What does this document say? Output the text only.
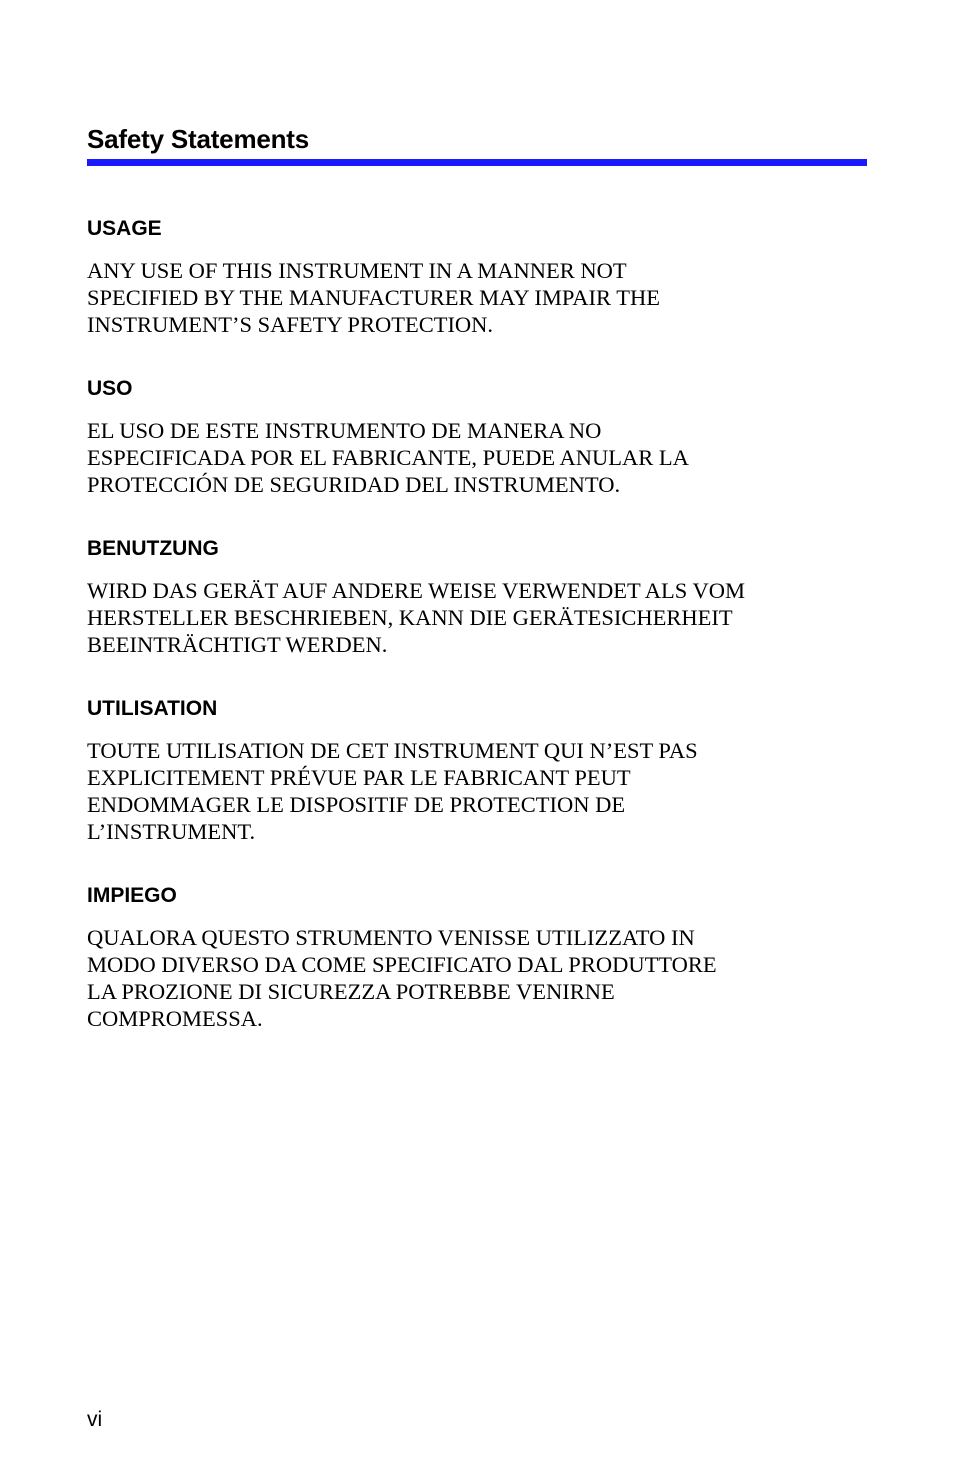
Safety Statements
USAGE

ANY USE OF THIS INSTRUMENT IN A MANNER NOT
SPECIFIED BY THE MANUFACTURER MAY IMPAIR THE
INSTRUMENT’S SAFETY PROTECTION.

USO

EL USO DE ESTE INSTRUMENTO DE MANERA NO
ESPECIFICADA POR EL FABRICANTE, PUEDE ANULAR LA
PROTECCIÓN DE SEGURIDAD DEL INSTRUMENTO.

BENUTZUNG

WIRD DAS GERÄT AUF ANDERE WEISE VERWENDET ALS VOM
HERSTELLER BESCHRIEBEN, KANN DIE GERÄTESICHERHEIT
BEEINTRÄCHTIGT WERDEN.

UTILISATION

TOUTE UTILISATION DE CET INSTRUMENT QUI N’EST PAS
EXPLICITEMENT PRÉVUE PAR LE FABRICANT PEUT
ENDOMMAGER LE DISPOSITIF DE PROTECTION DE
L’INSTRUMENT.

IMPIEGO

QUALORA QUESTO STRUMENTO VENISSE UTILIZZATO IN
MODO DIVERSO DA COME SPECIFICATO DAL PRODUTTORE
LA PROZIONE DI SICUREZZA POTREBBE VENIRNE
COMPROMESSA.

vi
